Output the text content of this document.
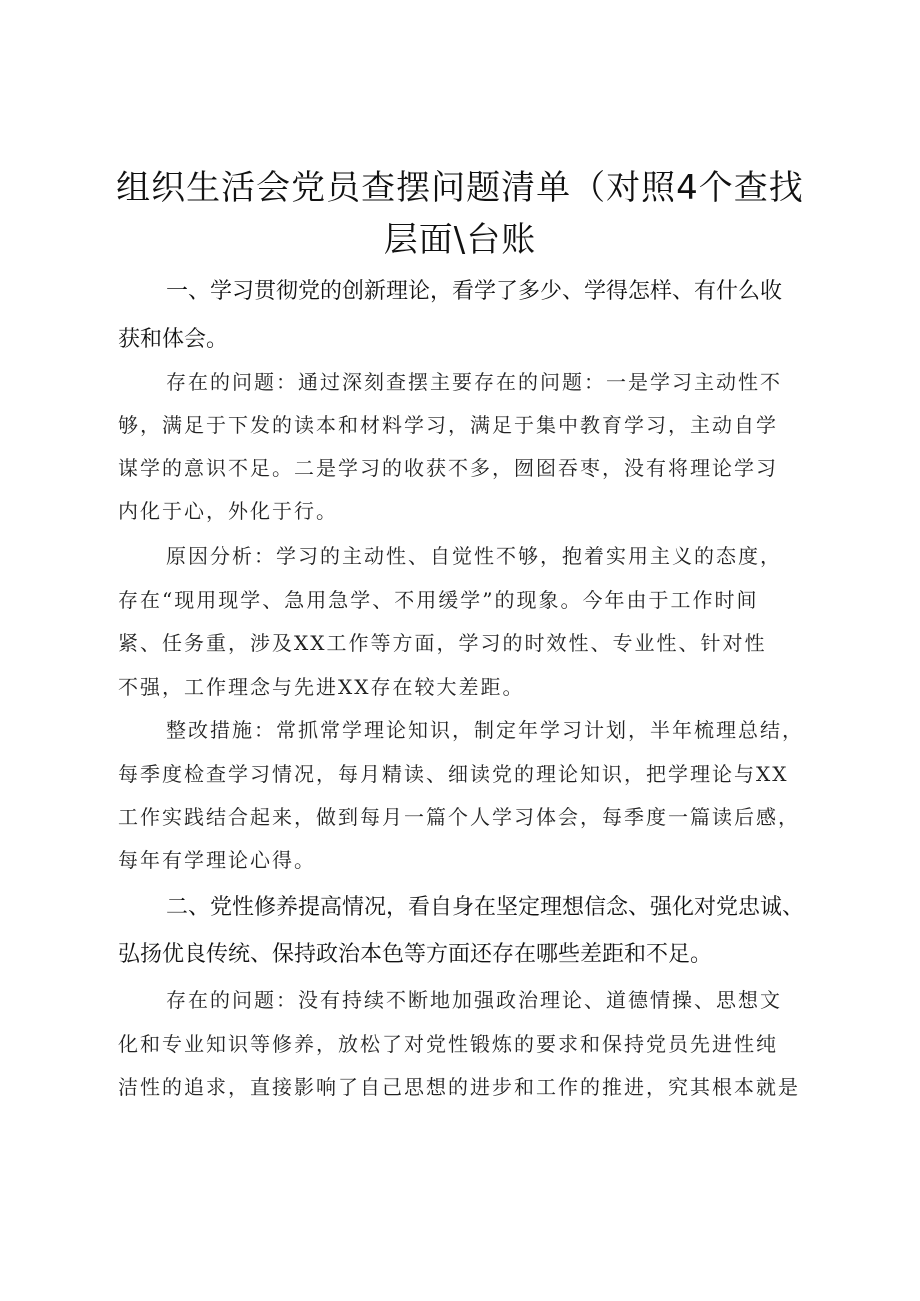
组织生活会党员查摆问题清单（对照4个查找
层面\台账
一、学习贯彻党的创新理论，看学了多少、学得怎样、有什么收
获和体会。
存在的问题：通过深刻查摆主要存在的问题：一是学习主动性不
够，满足于下发的读本和材料学习，满足于集中教育学习，主动自学
谋学的意识不足。二是学习的收获不多，囫囵吞枣，没有将理论学习
内化于心，外化于行。
原因分析：学习的主动性、自觉性不够，抱着实用主义的态度，
存在“现用现学、急用急学、不用缓学”的现象。今年由于工作时间
紧、任务重，涉及XX工作等方面，学习的时效性、专业性、针对性
不强，工作理念与先进XX存在较大差距。
整改措施：常抓常学理论知识，制定年学习计划，半年梳理总结，
每季度检查学习情况，每月精读、细读党的理论知识，把学理论与XX
工作实践结合起来，做到每月一篇个人学习体会，每季度一篇读后感，
每年有学理论心得。
二、党性修养提高情况，看自身在坚定理想信念、强化对党忠诚、
弘扬优良传统、保持政治本色等方面还存在哪些差距和不足。
存在的问题：没有持续不断地加强政治理论、道德情操、思想文
化和专业知识等修养，放松了对党性锻炼的要求和保持党员先进性纯
洁性的追求，直接影响了自己思想的进步和工作的推进，究其根本就是
